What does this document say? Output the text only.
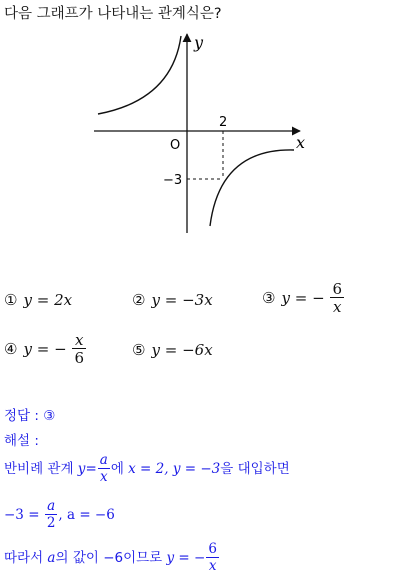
다음 그래프가 나타내는 관계식은?
y
x
O
2
−3
① y = 2x	② y = −3x	③ y = − $\frac{6}{x}$
④ y = − $\frac{x}{6}$	⑤ y = −6x
정답 : ③
해설 :
반비례 관계 $y= \frac{a}{x}$ 에 x = 2, y = −3을 대입하면
$-3 = \frac{a}{2}$ , a = −6
따라서 a의 값이 −6이므로 y = − $\frac{6}{x}$
